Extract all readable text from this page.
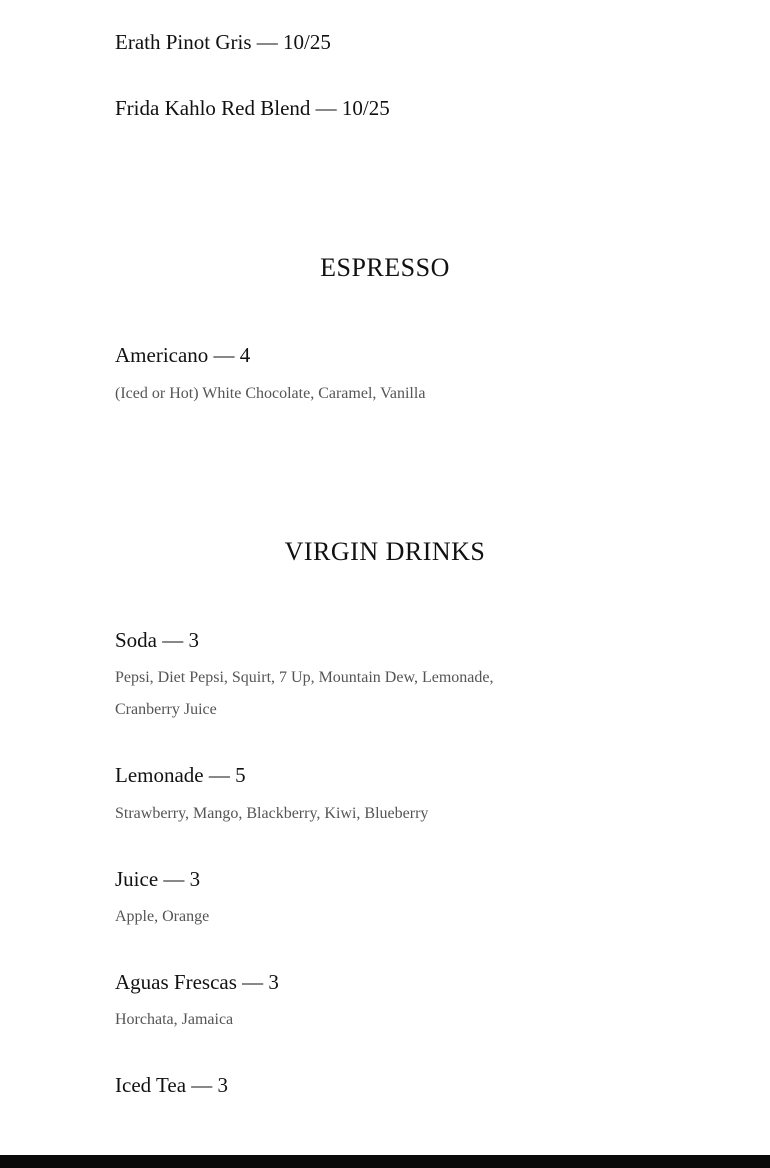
Erath Pinot Gris — 10/25
Frida Kahlo Red Blend — 10/25
ESPRESSO
Americano — 4

(Iced or Hot) White Chocolate, Caramel, Vanilla

VIRGIN DRINKS
Soda — 3

Pepsi, Diet Pepsi, Squirt, 7 Up, Mountain Dew, Lemonade, Cranberry Juice

Lemonade — 5

Strawberry, Mango, Blackberry, Kiwi, Blueberry

Juice — 3

Apple, Orange

Aguas Frescas — 3

Horchata, Jamaica

Iced Tea — 3
